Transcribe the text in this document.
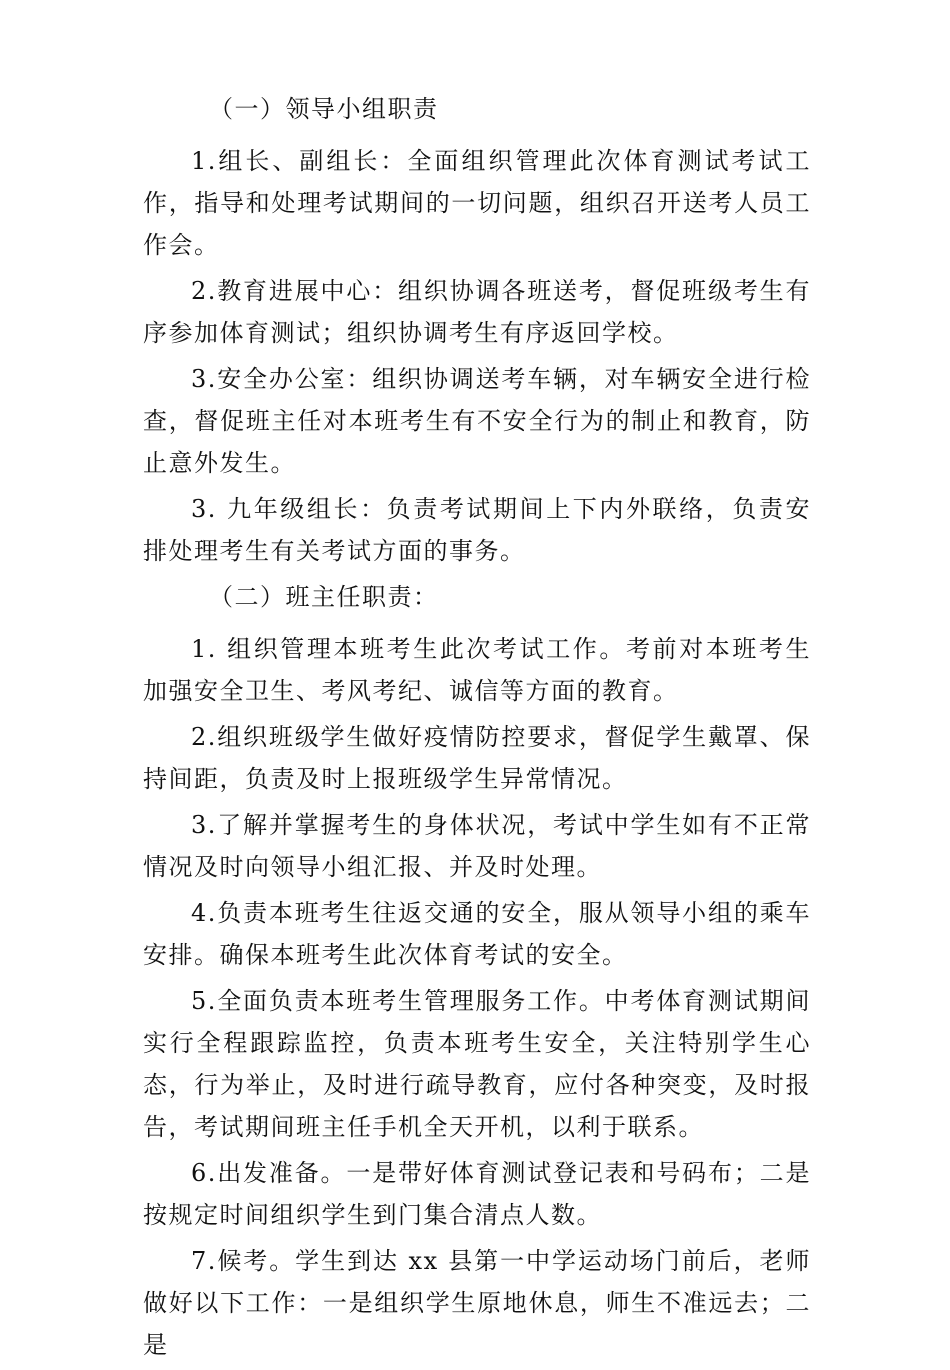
（一）领导小组职责

1.组长、副组长：全面组织管理此次体育测试考试工作，指导和处理考试期间的一切问题，组织召开送考人员工作会。

2.教育进展中心：组织协调各班送考，督促班级考生有序参加体育测试；组织协调考生有序返回学校。

3.安全办公室：组织协调送考车辆，对车辆安全进行检查，督促班主任对本班考生有不安全行为的制止和教育，防止意外发生。

3. 九年级组长：负责考试期间上下内外联络，负责安排处理考生有关考试方面的事务。

（二）班主任职责：

1. 组织管理本班考生此次考试工作。考前对本班考生加强安全卫生、考风考纪、诚信等方面的教育。

2.组织班级学生做好疫情防控要求，督促学生戴罩、保持间距，负责及时上报班级学生异常情况。

3.了解并掌握考生的身体状况，考试中学生如有不正常情况及时向领导小组汇报、并及时处理。

4.负责本班考生往返交通的安全，服从领导小组的乘车安排。确保本班考生此次体育考试的安全。

5.全面负责本班考生管理服务工作。中考体育测试期间实行全程跟踪监控，负责本班考生安全，关注特别学生心态，行为举止，及时进行疏导教育，应付各种突变，及时报告，考试期间班主任手机全天开机，以利于联系。

6.出发准备。一是带好体育测试登记表和号码布；二是按规定时间组织学生到门集合清点人数。

7.候考。学生到达 xx 县第一中学运动场门前后，老师做好以下工作：一是组织学生原地休息，师生不准远去；二是
